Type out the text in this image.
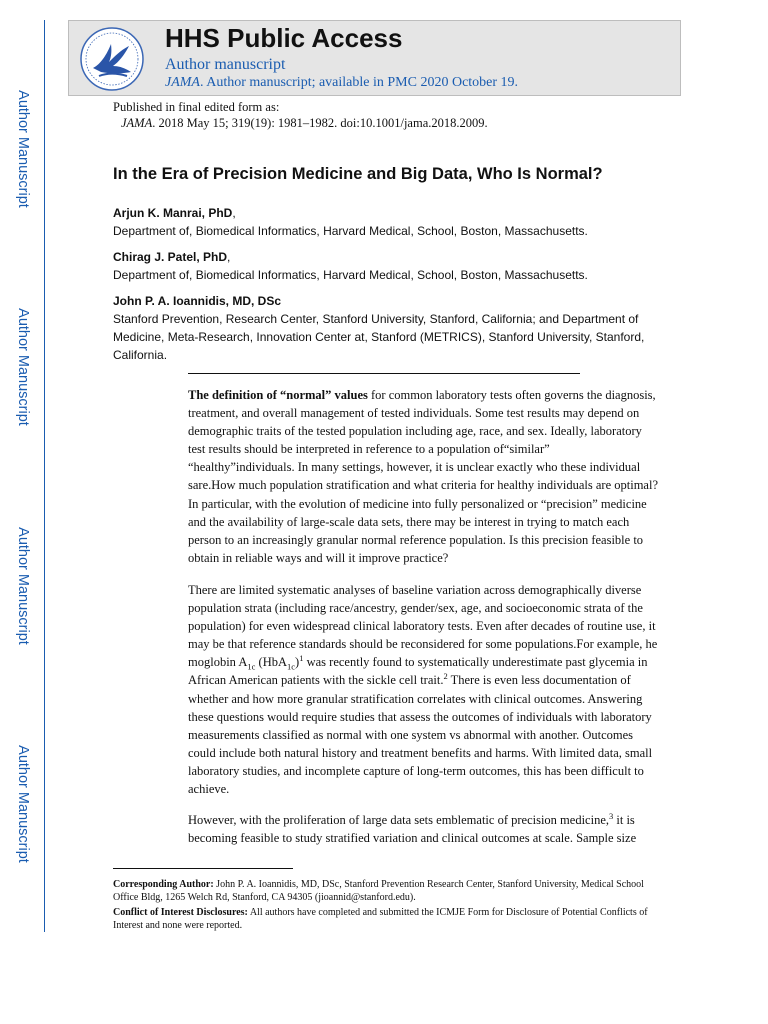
Author Manuscript
Author Manuscript
Author Manuscript
Author Manuscript
HHS Public Access
Author manuscript
JAMA. Author manuscript; available in PMC 2020 October 19.
Published in final edited form as:
JAMA. 2018 May 15; 319(19): 1981–1982. doi:10.1001/jama.2018.2009.
In the Era of Precision Medicine and Big Data, Who Is Normal?
Arjun K. Manrai, PhD,
Department of, Biomedical Informatics, Harvard Medical, School, Boston, Massachusetts.
Chirag J. Patel, PhD,
Department of, Biomedical Informatics, Harvard Medical, School, Boston, Massachusetts.
John P. A. Ioannidis, MD, DSc
Stanford Prevention, Research Center, Stanford University, Stanford, California; and Department of Medicine, Meta-Research, Innovation Center at, Stanford (METRICS), Stanford University, Stanford, California.

The definition of “normal” values for common laboratory tests often governs the diagnosis, treatment, and overall management of tested individuals. Some test results may depend on demographic traits of the tested population including age, race, and sex. Ideally, laboratory test results should be interpreted in reference to a population of“similar” “healthy”individuals. In many settings, however, it is unclear exactly who these individual sare.How much population stratification and what criteria for healthy individuals are optimal? In particular, with the evolution of medicine into fully personalized or “precision” medicine and the availability of large-scale data sets, there may be interest in trying to match each person to an increasingly granular normal reference population. Is this precision feasible to obtain in reliable ways and will it improve practice?

There are limited systematic analyses of baseline variation across demographically diverse population strata (including race/ancestry, gender/sex, age, and socioeconomic strata of the population) for even widespread clinical laboratory tests. Even after decades of routine use, it may be that reference standards should be reconsidered for some populations.For example, he moglobin $A_{1c}$ $(HbA_{1c})^1$ was recently found to systematically underestimate past glycemia in African American patients with the sickle cell trait.$^2$ There is even less documentation of whether and how more granular stratification correlates with clinical outcomes. Answering these questions would require studies that assess the outcomes of individuals with laboratory measurements classified as normal with one system vs abnormal with another. Outcomes could include both natural history and treatment benefits and harms. With limited data, small laboratory studies, and incomplete capture of long-term outcomes, this has been difficult to achieve.

However, with the proliferation of large data sets emblematic of precision medicine,$^3$ it is becoming feasible to study stratified variation and clinical outcomes at scale. Sample size

Corresponding Author: John P. A. Ioannidis, MD, DSc, Stanford Prevention Research Center, Stanford University, Medical School Office Bldg, 1265 Welch Rd, Stanford, CA 94305 (jioannid@stanford.edu).

Conflict of Interest Disclosures: All authors have completed and submitted the ICMJE Form for Disclosure of Potential Conflicts of Interest and none were reported.
